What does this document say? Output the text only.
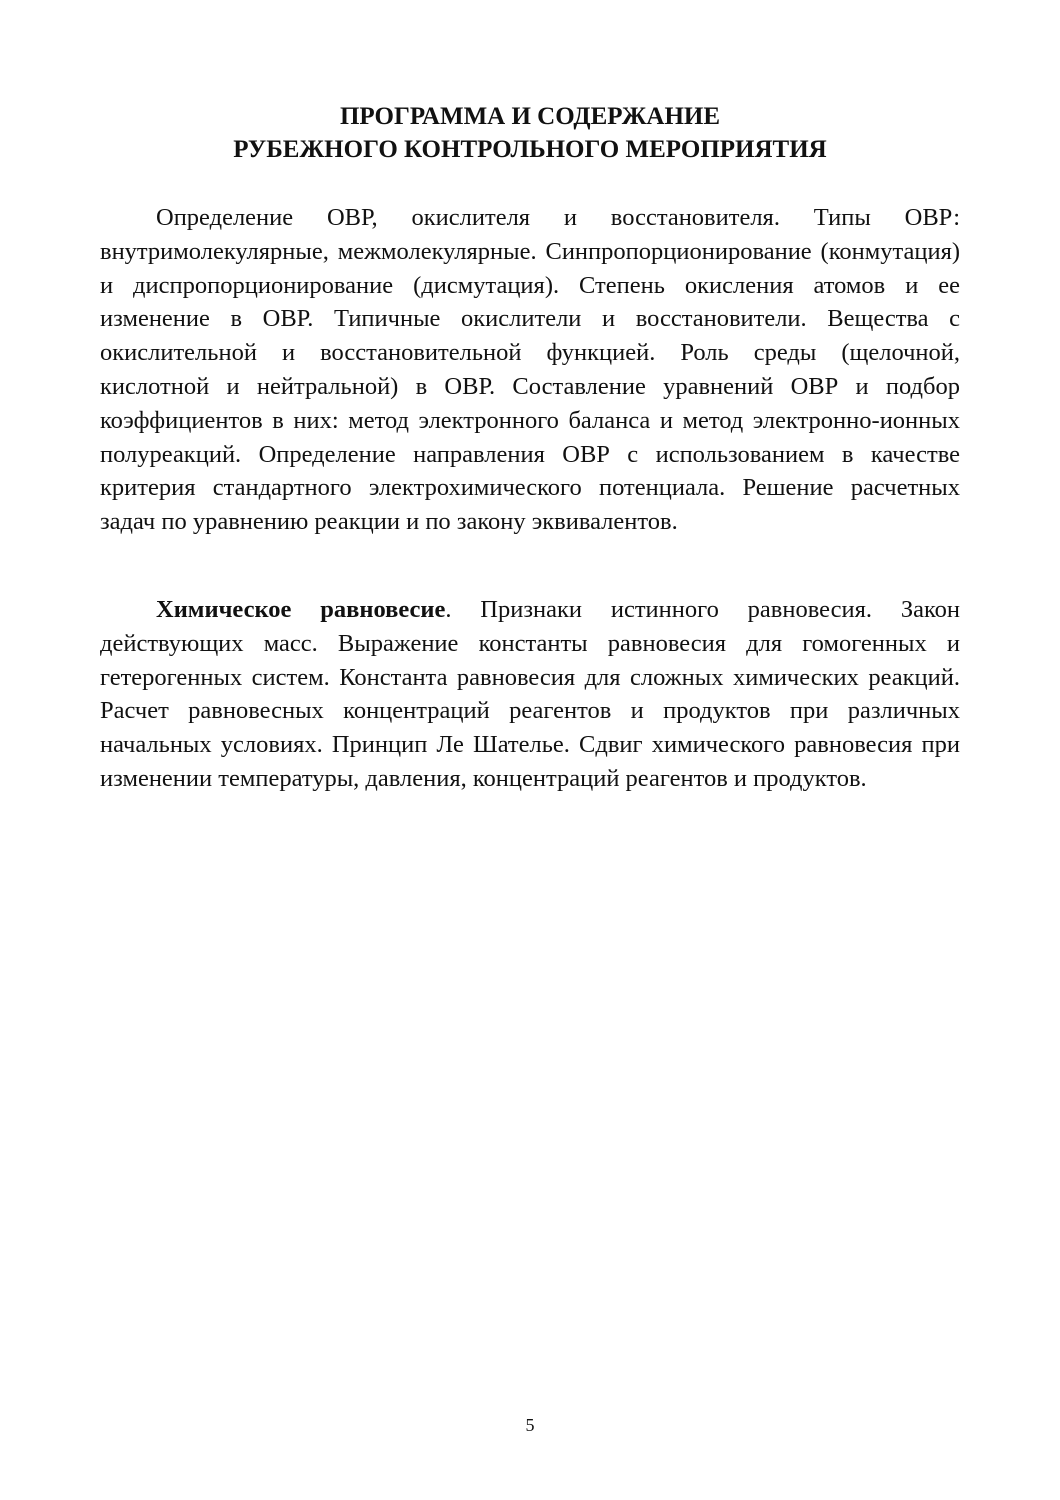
ПРОГРАММА И СОДЕРЖАНИЕ
РУБЕЖНОГО КОНТРОЛЬНОГО МЕРОПРИЯТИЯ

Определение ОВР, окислителя и восстановителя. Типы ОВР: внутримолекулярные, межмолекулярные. Синпропорционирование (конмутация) и диспропорционирование (дисмутация). Степень окисления атомов и ее изменение в ОВР. Типичные окислители и восстановители. Вещества с окислительной и восстановительной функцией. Роль среды (щелочной, кислотной и нейтральной) в ОВР. Составление уравнений ОВР и подбор коэффициентов в них: метод электронного баланса и метод электронно-ионных полуреакций. Определение направления ОВР с использованием в качестве критерия стандартного электрохимического потенциала. Решение расчетных задач по уравнению реакции и по закону эквивалентов.

Химическое равновесие. Признаки истинного равновесия. Закон действующих масс. Выражение константы равновесия для гомогенных и гетерогенных систем. Константа равновесия для сложных химических реакций. Расчет равновесных концентраций реагентов и продуктов при различных начальных условиях. Принцип Ле Шателье. Сдвиг химического равновесия при изменении температуры, давления, концентраций реагентов и продуктов.

5
